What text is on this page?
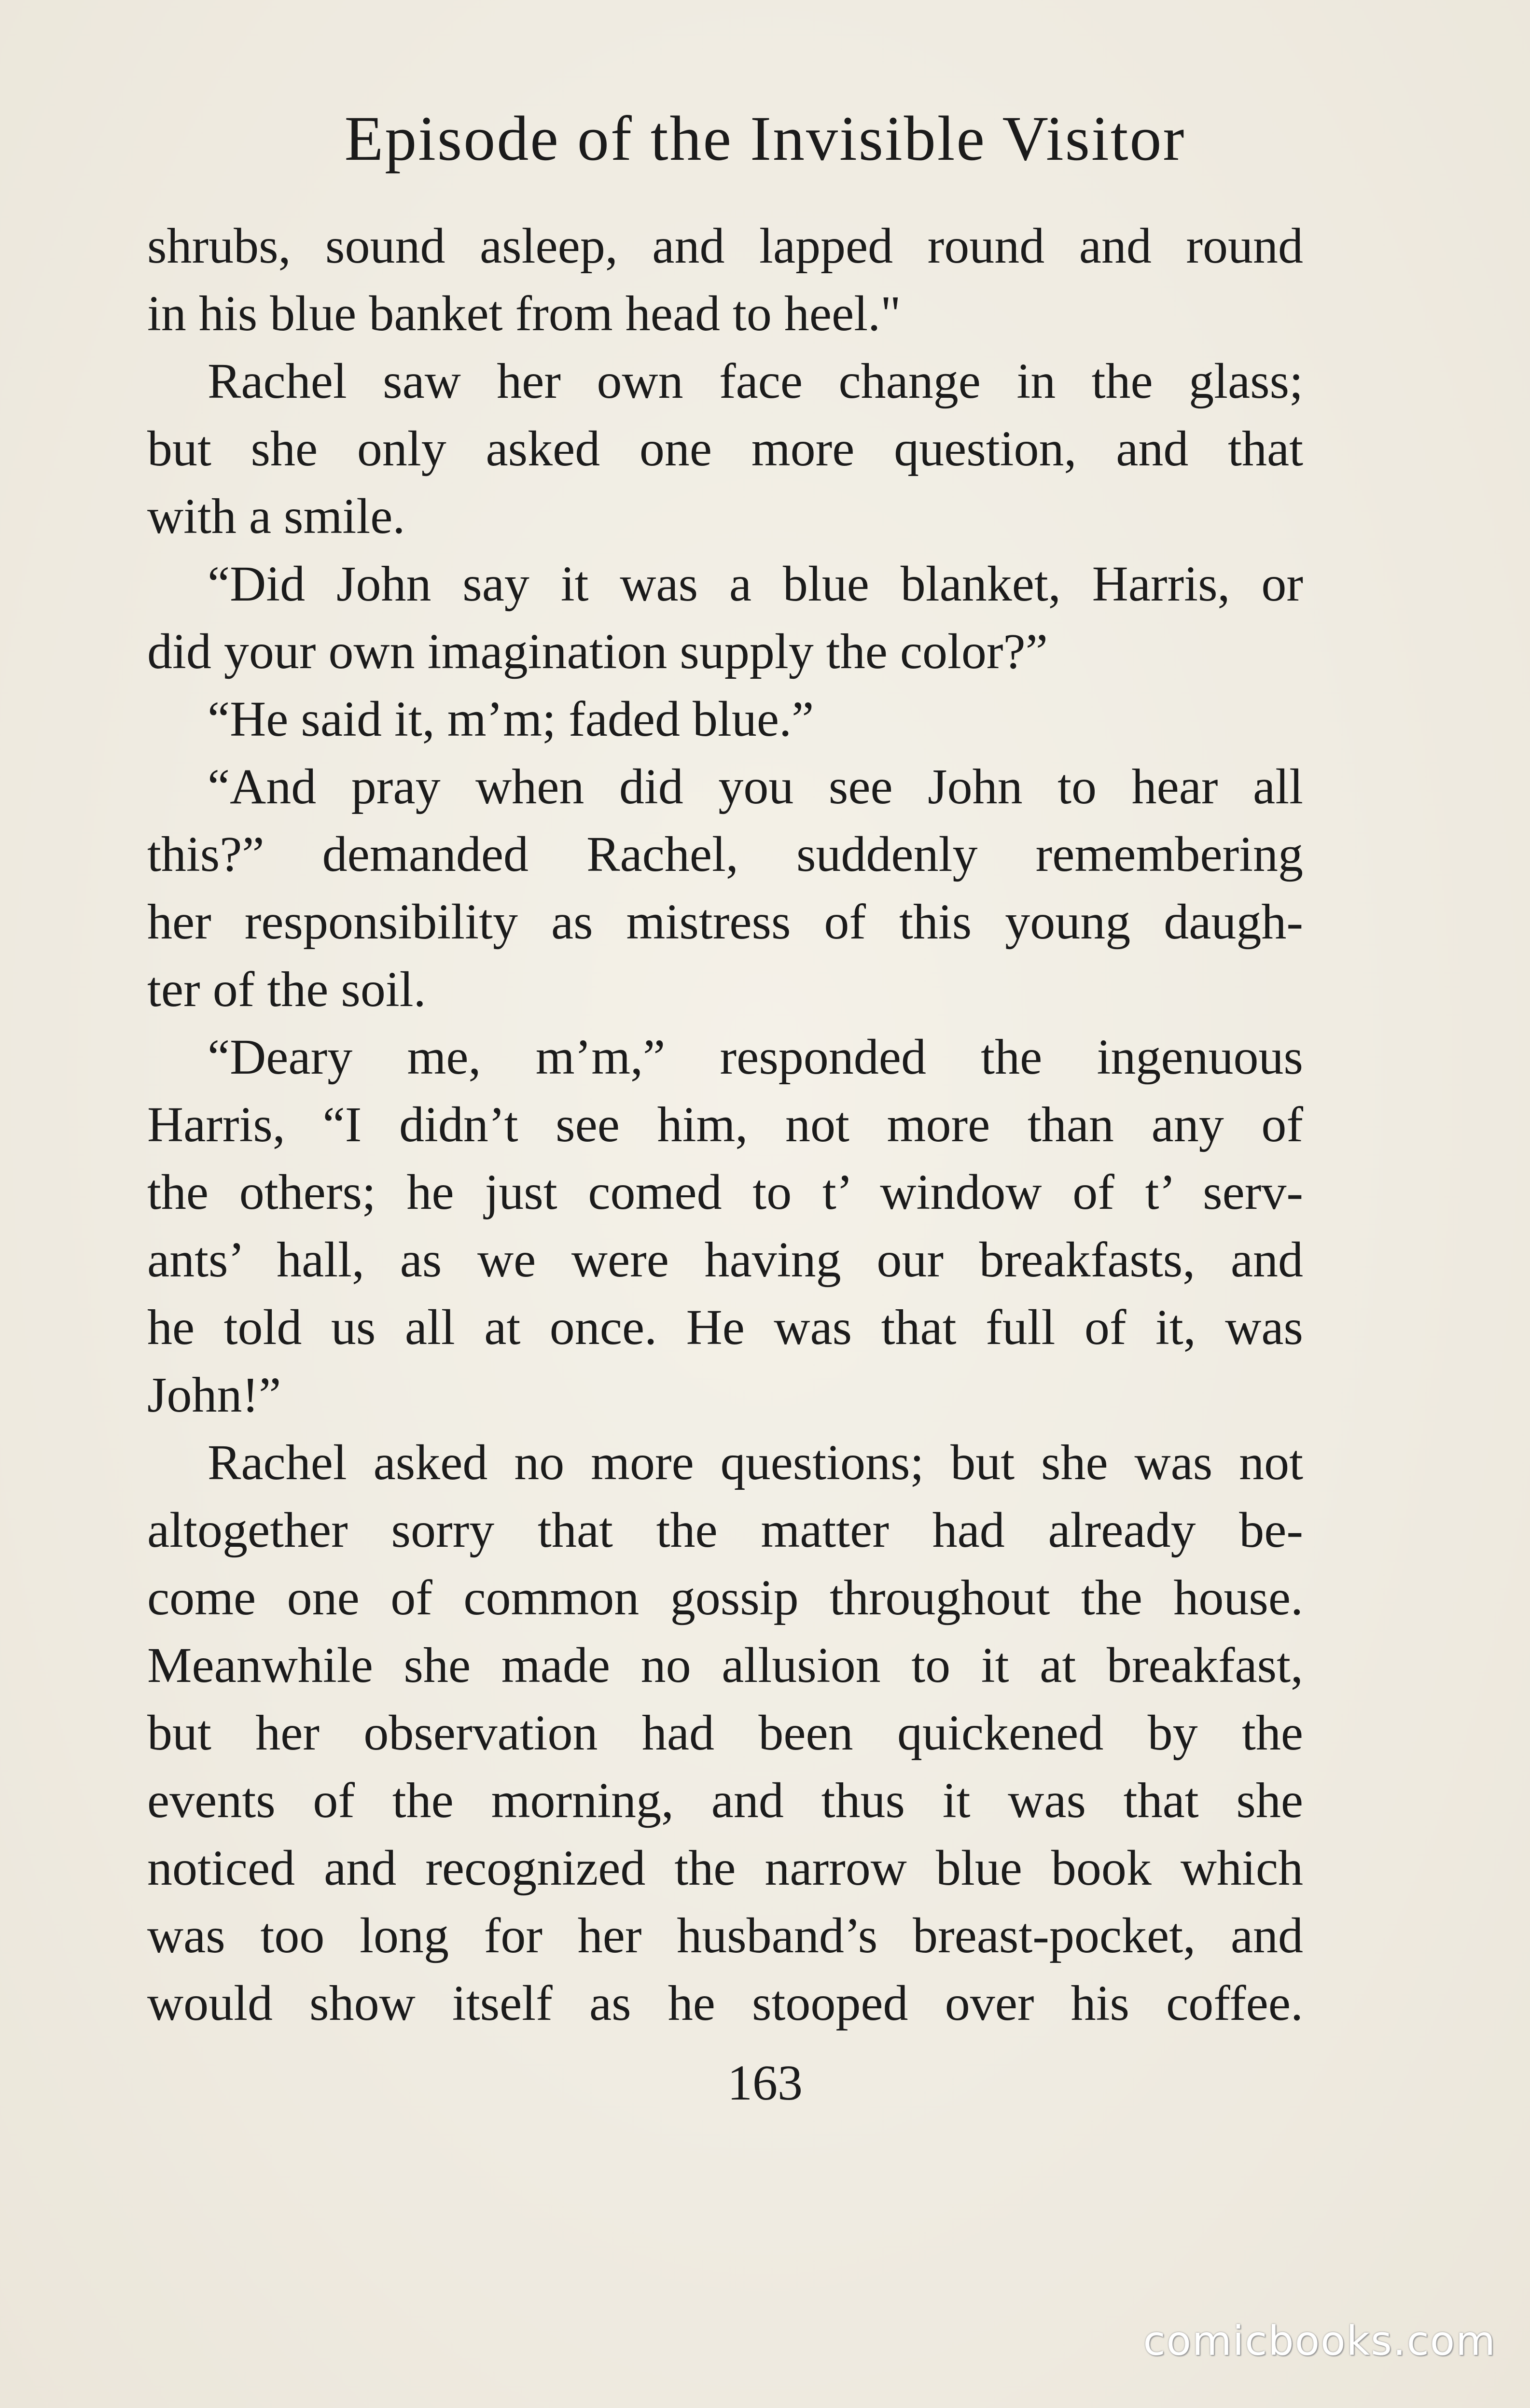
Episode of the Invisible Visitor
shrubs, sound asleep, and lapped round and round
in his blue banket from head to heel."
Rachel saw her own face change in the glass;
but she only asked one more question, and that
with a smile.
“Did John say it was a blue blanket, Harris, or
did your own imagination supply the color?”
“He said it, m’m; faded blue.”
“And pray when did you see John to hear all
this?” demanded Rachel, suddenly remembering
her responsibility as mistress of this young daugh-
ter of the soil.
“Deary me, m’m,” responded the ingenuous
Harris, “I didn’t see him, not more than any of
the others; he just comed to t’ window of t’ serv-
ants’ hall, as we were having our breakfasts, and
he told us all at once. He was that full of it, was
John!”
Rachel asked no more questions; but she was not
altogether sorry that the matter had already be-
come one of common gossip throughout the house.
Meanwhile she made no allusion to it at breakfast,
but her observation had been quickened by the
events of the morning, and thus it was that she
noticed and recognized the narrow blue book which
was too long for her husband’s breast-pocket, and
would show itself as he stooped over his coffee.
163
comicbooks.com
